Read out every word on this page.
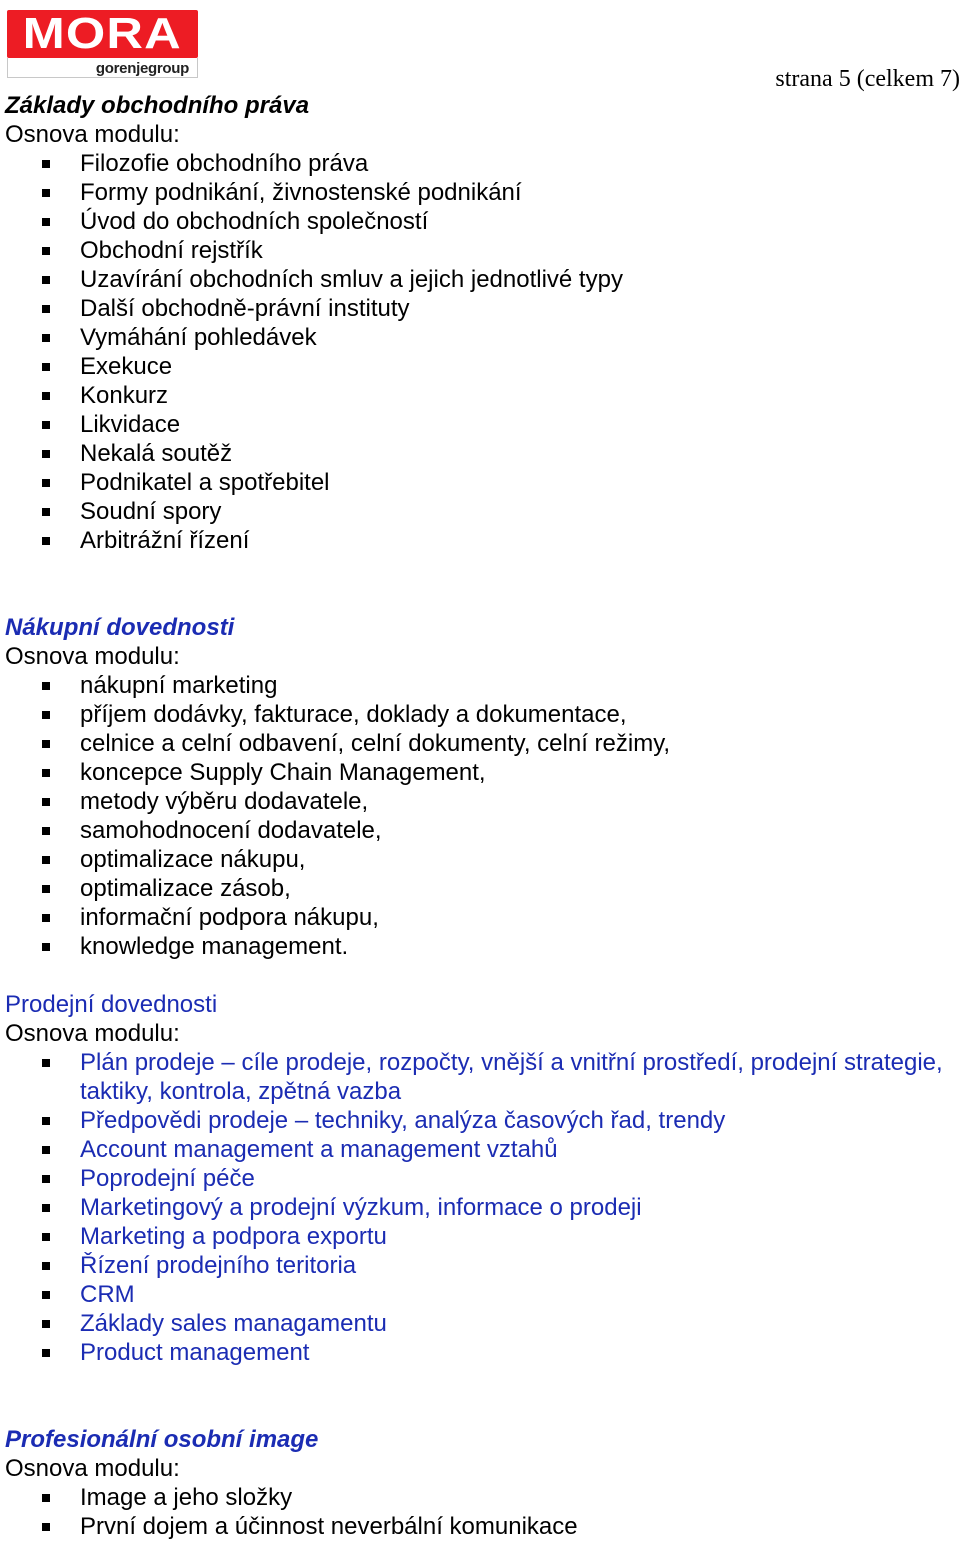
MORA
gorenjegroup	strana 5 (celkem 7)

Základy obchodního práva

Osnova modulu:

Filozofie obchodního práva
Formy podnikání, živnostenské podnikání
Úvod do obchodních společností
Obchodní rejstřík
Uzavírání obchodních smluv a jejich jednotlivé typy
Další obchodně-právní instituty
Vymáhání pohledávek
Exekuce
Konkurz
Likvidace
Nekalá soutěž
Podnikatel a spotřebitel
Soudní spory
Arbitrážní řízení

Nákupní dovednosti

Osnova modulu:

nákupní marketing
příjem dodávky, fakturace, doklady a dokumentace,
celnice a celní odbavení, celní dokumenty, celní režimy,
koncepce Supply Chain Management,
metody výběru dodavatele,
samohodnocení dodavatele,
optimalizace nákupu,
optimalizace zásob,
informační podpora nákupu,
knowledge management.

Prodejní dovednosti

Osnova modulu:

Plán prodeje – cíle prodeje, rozpočty, vnější a vnitřní prostředí, prodejní strategie, taktiky, kontrola, zpětná vazba
Předpovědi prodeje – techniky, analýza časových řad, trendy
Account management a management vztahů
Poprodejní péče
Marketingový a prodejní výzkum, informace o prodeji
Marketing a podpora exportu
Řízení prodejního teritoria
CRM
Základy sales managamentu
Product management

Profesionální osobní image

Osnova modulu:

Image a jeho složky
První dojem a účinnost neverbální komunikace
